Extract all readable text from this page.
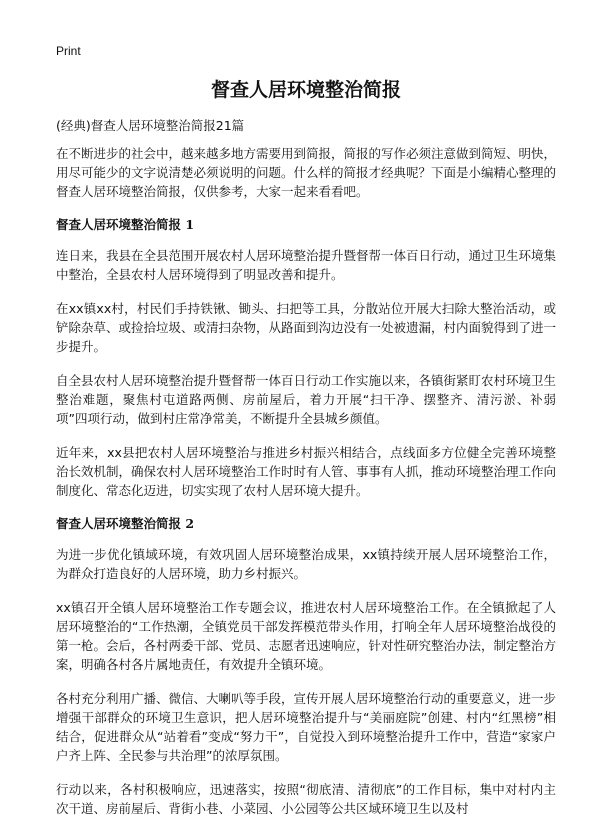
Print
督查人居环境整治简报

(经典)督查人居环境整治简报21篇

在不断进步的社会中，越来越多地方需要用到简报，简报的写作必须注意做到简短、明快，用尽可能少的文字说清楚必须说明的问题。什么样的简报才经典呢？下面是小编精心整理的督查人居环境整治简报，仅供参考，大家一起来看看吧。

督查人居环境整治简报 1

连日来，我县在全县范围开展农村人居环境整治提升暨督帮一体百日行动，通过卫生环境集中整治，全县农村人居环境得到了明显改善和提升。

在xx镇xx村，村民们手持铁锹、锄头、扫把等工具，分散站位开展大扫除大整治活动，或铲除杂草、或捡拾垃圾、或清扫杂物，从路面到沟边没有一处被遗漏，村内面貌得到了进一步提升。

自全县农村人居环境整治提升暨督帮一体百日行动工作实施以来，各镇街紧盯农村环境卫生整治难题，聚焦村屯道路两侧、房前屋后，着力开展“扫干净、摆整齐、清污淤、补弱项”四项行动，做到村庄常净常美，不断提升全县城乡颜值。

近年来，xx县把农村人居环境整治与推进乡村振兴相结合，点线面多方位健全完善环境整治长效机制，确保农村人居环境整治工作时时有人管、事事有人抓，推动环境整治理工作向制度化、常态化迈进，切实实现了农村人居环境大提升。

督查人居环境整治简报 2

为进一步优化镇域环境，有效巩固人居环境整治成果，xx镇持续开展人居环境整治工作，为群众打造良好的人居环境，助力乡村振兴。

xx镇召开全镇人居环境整治工作专题会议，推进农村人居环境整治工作。在全镇掀起了人居环境整治的“工作热潮，全镇党员干部发挥模范带头作用，打响全年人居环境整治战役的第一枪。会后，各村两委干部、党员、志愿者迅速响应，针对性研究整治办法，制定整治方案，明确各村各片属地责任，有效提升全镇环境。

各村充分利用广播、微信、大喇叭等手段，宣传开展人居环境整治行动的重要意义，进一步增强干部群众的环境卫生意识，把人居环境整治提升与“美丽庭院”创建、村内“红黑榜”相结合，促进群众从“站着看”变成“努力干”，自觉投入到环境整治提升工作中，营造“家家户户齐上阵、全民参与共治理”的浓厚氛围。

行动以来，各村积极响应，迅速落实，按照“彻底清、清彻底”的工作目标，集中对村内主次干道、房前屋后、背街小巷、小菜园、小公园等公共区域环境卫生以及村
